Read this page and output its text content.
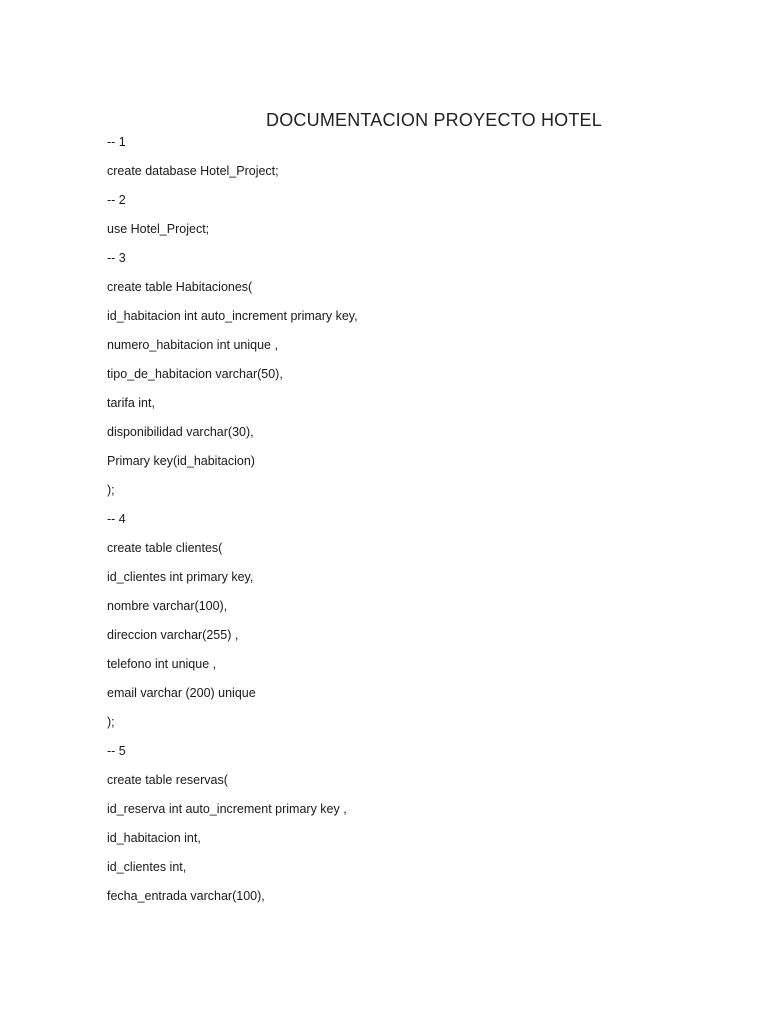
DOCUMENTACION PROYECTO HOTEL
-- 1
create database Hotel_Project;
-- 2
use Hotel_Project;
-- 3
create table Habitaciones(
id_habitacion int auto_increment primary key,
numero_habitacion int unique ,
tipo_de_habitacion varchar(50),
tarifa int,
disponibilidad varchar(30),
Primary key(id_habitacion)
);
-- 4
create table clientes(
id_clientes int primary key,
nombre varchar(100),
direccion varchar(255) ,
telefono int unique ,
email varchar (200) unique
);
-- 5
create table reservas(
id_reserva int auto_increment primary key ,
id_habitacion int,
id_clientes int,
fecha_entrada varchar(100),
